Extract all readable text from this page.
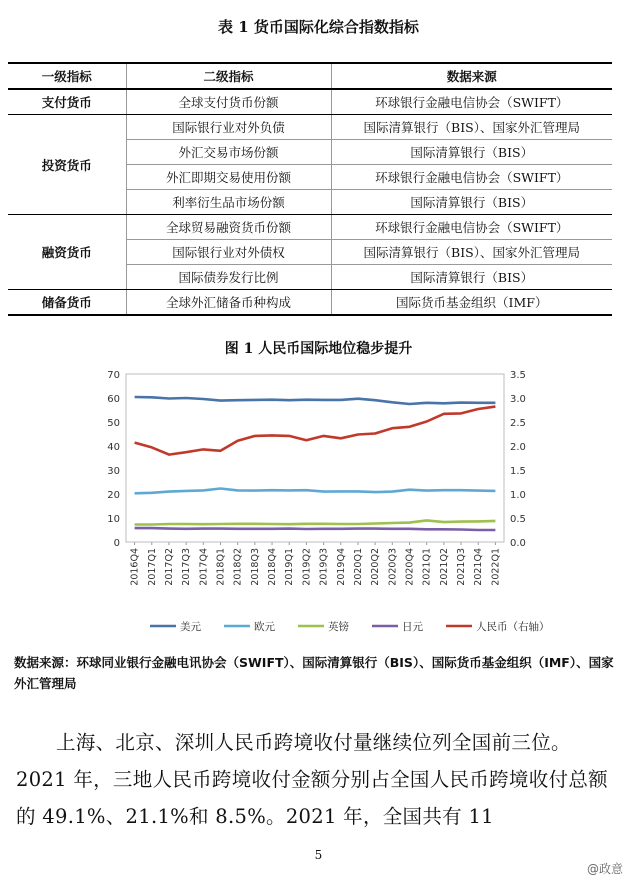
表 1 货币国际化综合指数指标
一级指标	二级指标	数据来源
支付货币	全球支付货币份额	环球银行金融电信协会（SWIFT）
投资货币	国际银行业对外负债	国际清算银行（BIS）、国家外汇管理局
	外汇交易市场份额	国际清算银行（BIS）
	外汇即期交易使用份额	环球银行金融电信协会（SWIFT）
	利率衍生品市场份额	国际清算银行（BIS）
融资货币	全球贸易融资货币份额	环球银行金融电信协会（SWIFT）
	国际银行业对外债权	国际清算银行（BIS）、国家外汇管理局
	国际债券发行比例	国际清算银行（BIS）
储备货币	全球外汇储备币种构成	国际货币基金组织（IMF）
图 1 人民币国际地位稳步提升
0
10
20
30
40
50
60
70
0.0
0.5
1.0
1.5
2.0
2.5
3.0
3.5
2016Q4 2017Q1 2017Q2 2017Q3 2017Q4 2018Q1 2018Q2 2018Q3 2018Q4 2019Q1 2019Q2 2019Q3 2019Q4 2020Q1 2020Q2 2020Q3 2020Q4 2021Q1 2021Q2 2021Q3 2021Q4 2022Q1
美元	欧元	英镑	日元	人民币（右轴）
数据来源：环球同业银行金融电讯协会（SWIFT）、国际清算银行（BIS）、国际货币基金组织（IMF）、国家外汇管理局

上海、北京、深圳人民币跨境收付量继续位列全国前三位。2021 年，三地人民币跨境收付金额分别占全国人民币跨境收付总额的 49.1%、21.1%和 8.5%。2021 年，全国共有 11

5
@政意
